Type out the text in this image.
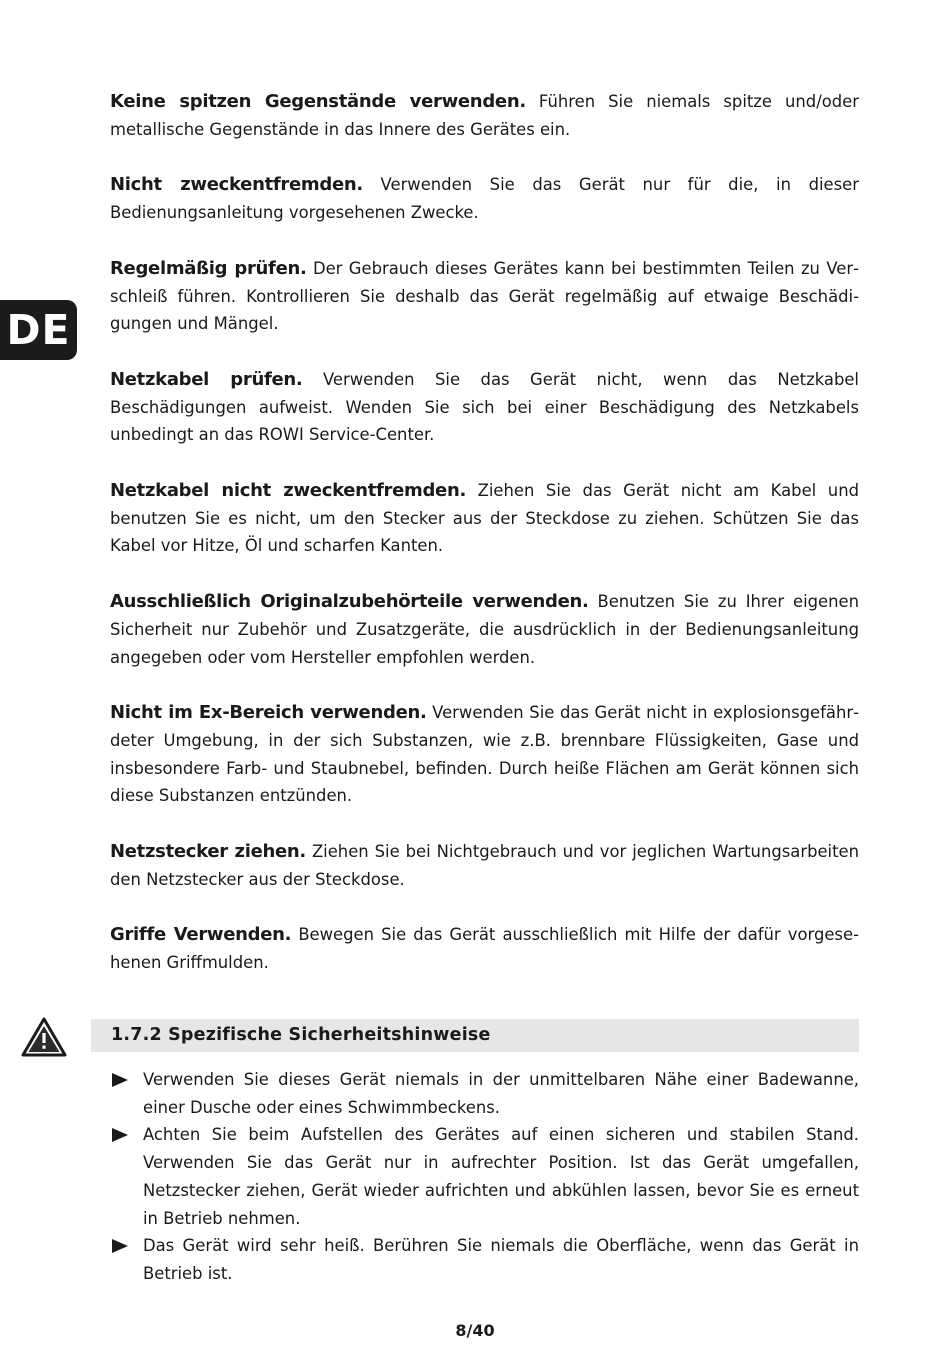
DE

Keine spitzen Gegenstände verwenden. Führen Sie niemals spitze und/oder metallische Gegenstände in das Innere des Gerätes ein.

Nicht zweckentfremden. Verwenden Sie das Gerät nur für die, in dieser Bedienungsanleitung vorgesehenen Zwecke.

Regelmäßig prüfen. Der Gebrauch dieses Gerätes kann bei bestimmten Teilen zu Verschleiß führen. Kontrollieren Sie deshalb das Gerät regelmäßig auf etwaige Beschädigungen und Mängel.

Netzkabel prüfen. Verwenden Sie das Gerät nicht, wenn das Netzkabel Beschädigungen aufweist. Wenden Sie sich bei einer Beschädigung des Netzkabels unbedingt an das ROWI Service-Center.

Netzkabel nicht zweckentfremden. Ziehen Sie das Gerät nicht am Kabel und benutzen Sie es nicht, um den Stecker aus der Steckdose zu ziehen. Schützen Sie das Kabel vor Hitze, Öl und scharfen Kanten.

Ausschließlich Originalzubehörteile verwenden. Benutzen Sie zu Ihrer eigenen Sicherheit nur Zubehör und Zusatzgeräte, die ausdrücklich in der Bedienungsanleitung angegeben oder vom Hersteller empfohlen werden.

Nicht im Ex-Bereich verwenden. Verwenden Sie das Gerät nicht in explosionsgefährdeter Umgebung, in der sich Substanzen, wie z.B. brennbare Flüssigkeiten, Gase und insbesondere Farb- und Staubnebel, befinden. Durch heiße Flächen am Gerät können sich diese Substanzen entzünden.

Netzstecker ziehen. Ziehen Sie bei Nichtgebrauch und vor jeglichen Wartungsarbeiten den Netzstecker aus der Steckdose.

Griffe Verwenden. Bewegen Sie das Gerät ausschließlich mit Hilfe der dafür vorgesehenen Griffmulden.

1.7.2 Spezifische Sicherheitshinweise
Verwenden Sie dieses Gerät niemals in der unmittelbaren Nähe einer Badewanne, einer Dusche oder eines Schwimmbeckens.
Achten Sie beim Aufstellen des Gerätes auf einen sicheren und stabilen Stand. Verwenden Sie das Gerät nur in aufrechter Position. Ist das Gerät umgefallen, Netzstecker ziehen, Gerät wieder aufrichten und abkühlen lassen, bevor Sie es erneut in Betrieb nehmen.
Das Gerät wird sehr heiß. Berühren Sie niemals die Oberfläche, wenn das Gerät in Betrieb ist.
8/40
